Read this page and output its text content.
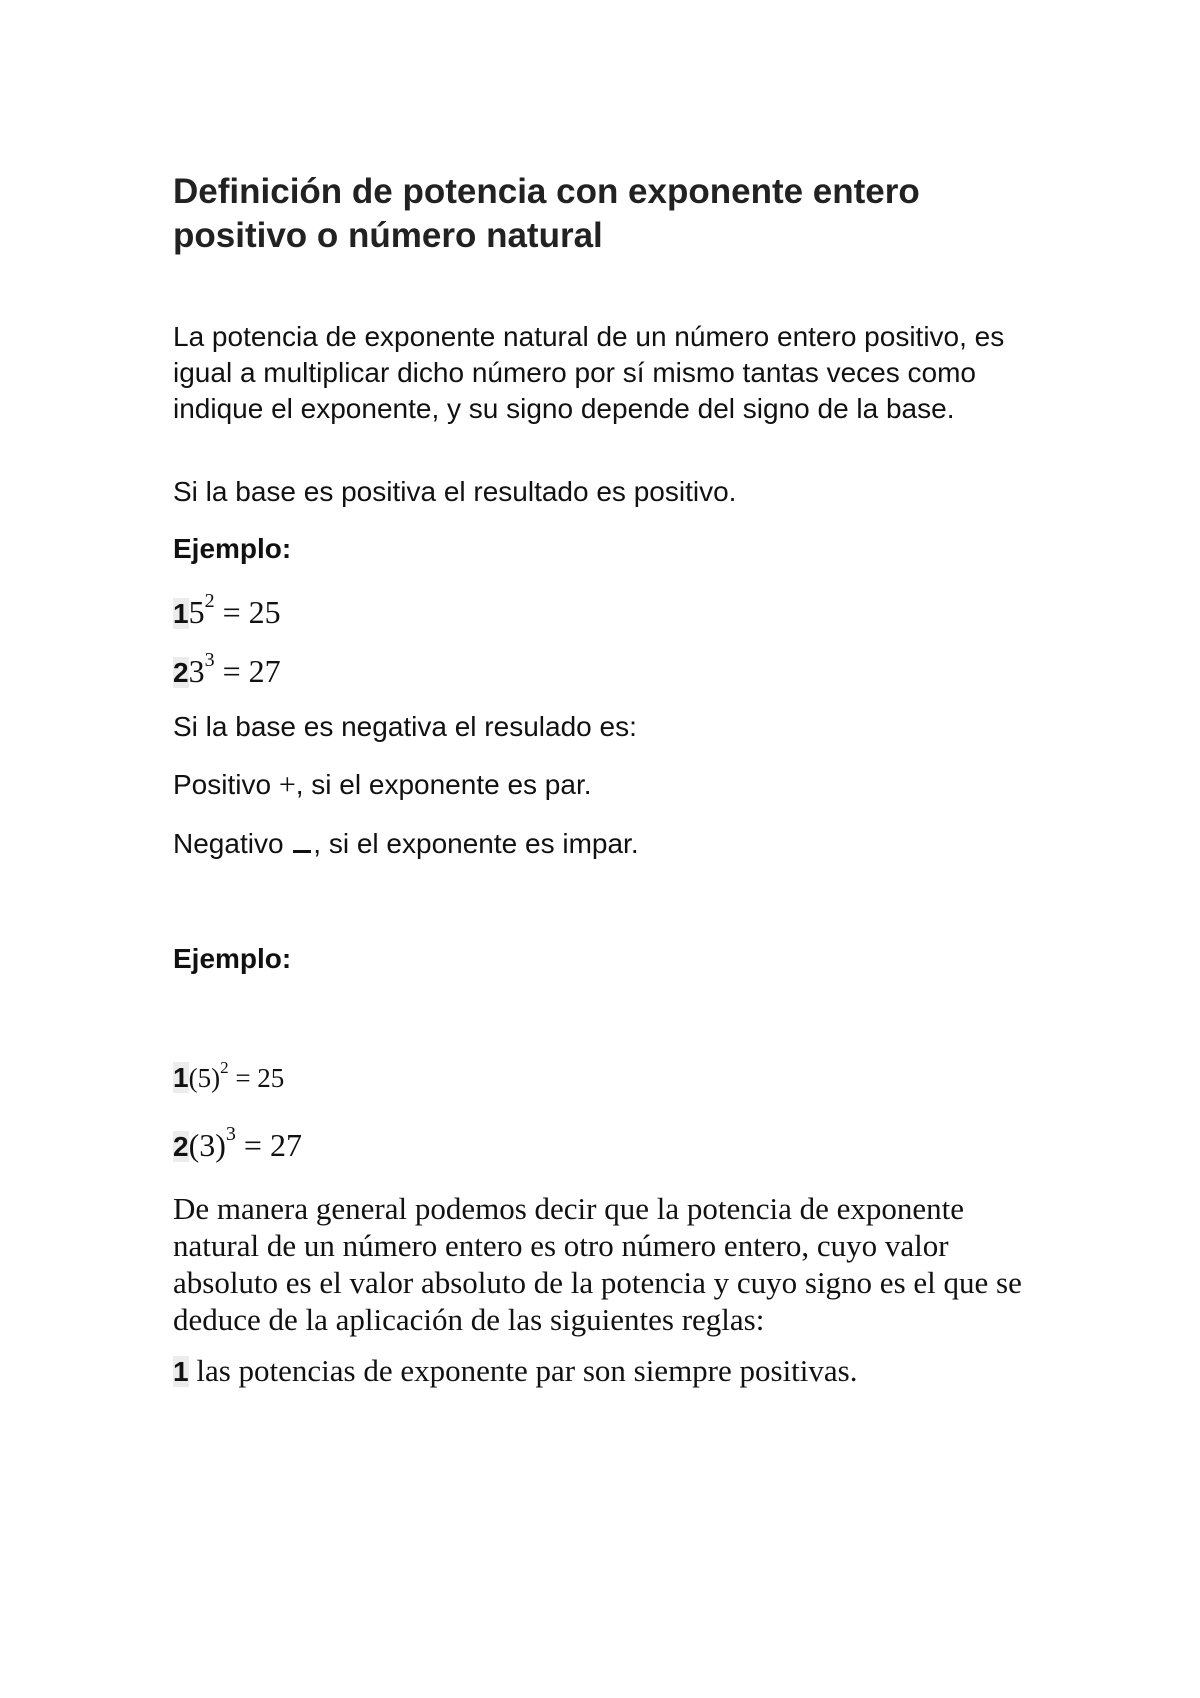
Definición de potencia con exponente entero positivo o número natural

La potencia de exponente natural de un número entero positivo, es igual a multiplicar dicho número por sí mismo tantas veces como indique el exponente, y su signo depende del signo de la base.

Si la base es positiva el resultado es positivo.

Ejemplo:

$15^2 = 25$

$23^3 = 27$

Si la base es negativa el resulado es:

Positivo +, si el exponente es par.

Negativo , si el exponente es impar.

Ejemplo:

$1(5)^2 = 25$

$2(3)^3 = 27$

De manera general podemos decir que la potencia de exponente natural de un número entero es otro número entero, cuyo valor absoluto es el valor absoluto de la potencia y cuyo signo es el que se deduce de la aplicación de las siguientes reglas:

1 las potencias de exponente par son siempre positivas.
